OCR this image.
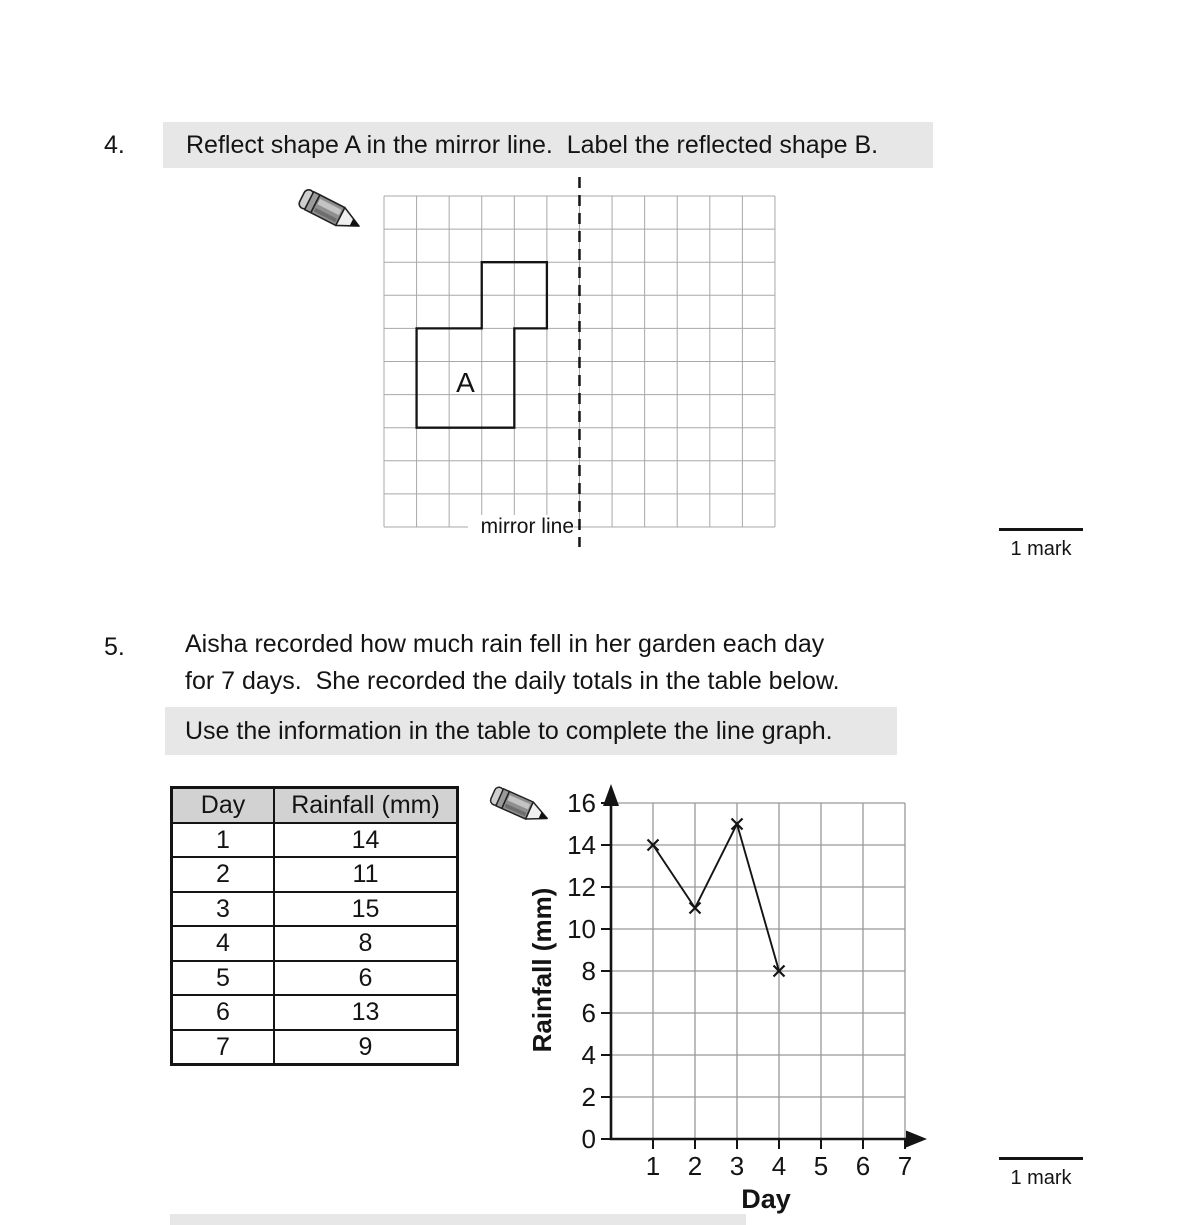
4.	Reflect shape A in the mirror line.  Label the reflected shape B.
A
mirror line
1 mark
5. Aisha recorded how much rain fell in her garden each day
for 7 days.  She recorded the daily totals in the table below.
Use the information in the table to complete the line graph.
Day	Rainfall (mm)
1	14
2	11
3	15
4	8
5	6
6	13
7	9
0
2
4
6
8
10
12
14
16
1 2 3 4 5 6 7
Rainfall (mm)
Day
1 mark
